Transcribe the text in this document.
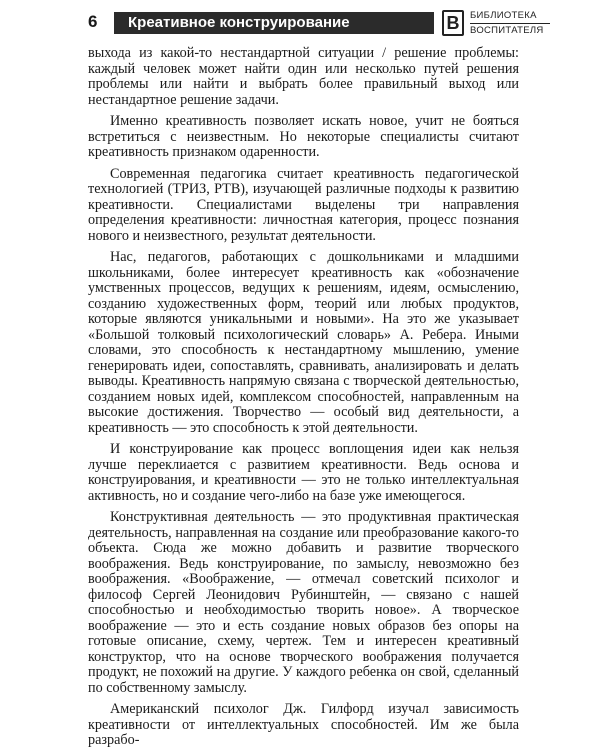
6	Креативное конструирование	В	БИБЛИОТЕКА
ВОСПИТАТЕЛЯ

выхода из какой-то нестандартной ситуации / решение проблемы: каждый человек может найти один или несколько путей решения проблемы или найти и выбрать более правильный выход или нестандартное решение задачи.

Именно креативность позволяет искать новое, учит не бояться встретиться с неизвестным. Но некоторые специалисты считают креативность признаком одаренности.

Современная педагогика считает креативность педагогической технологией (ТРИЗ, РТВ), изучающей различные подходы к развитию креативности. Специалистами выделены три направления определения креативности: личностная категория, процесс познания нового и неизвестного, результат деятельности.

Нас, педагогов, работающих с дошкольниками и младшими школьниками, более интересует креативность как «обозначение умственных процессов, ведущих к решениям, идеям, осмыслению, созданию художественных форм, теорий или любых продуктов, которые являются уникальными и новыми». На это же указывает «Большой толковый психологический словарь» А. Ребера. Иными словами, это способность к нестандартному мышлению, умение генерировать идеи, сопоставлять, сравнивать, анализировать и делать выводы. Креативность напрямую связана с творческой деятельностью, созданием новых идей, комплексом способностей, направленным на высокие достижения. Творчество — особый вид деятельности, а креативность — это способность к этой деятельности.

И конструирование как процесс воплощения идеи как нельзя лучше переклиается с развитием креативности. Ведь основа и конструирования, и креативности — это не только интеллектуальная активность, но и создание чего-либо на базе уже имеющегося.

Конструктивная деятельность — это продуктивная практическая деятельность, направленная на создание или преобразование какого-то объекта. Сюда же можно добавить и развитие творческого воображения. Ведь конструирование, по замыслу, невозможно без воображения. «Воображение, — отмечал советский психолог и философ Сергей Леонидович Рубинштейн, — связано с нашей способностью и необходимостью творить новое». А творческое воображение — это и есть создание новых образов без опоры на готовые описание, схему, чертеж. Тем и интересен креативный конструктор, что на основе творческого воображения получается продукт, не похожий на другие. У каждого ребенка он свой, сделанный по собственному замыслу.

Американский психолог Дж. Гилфорд изучал зависимость креативности от интеллектуальных способностей. Им же была разрабо-
